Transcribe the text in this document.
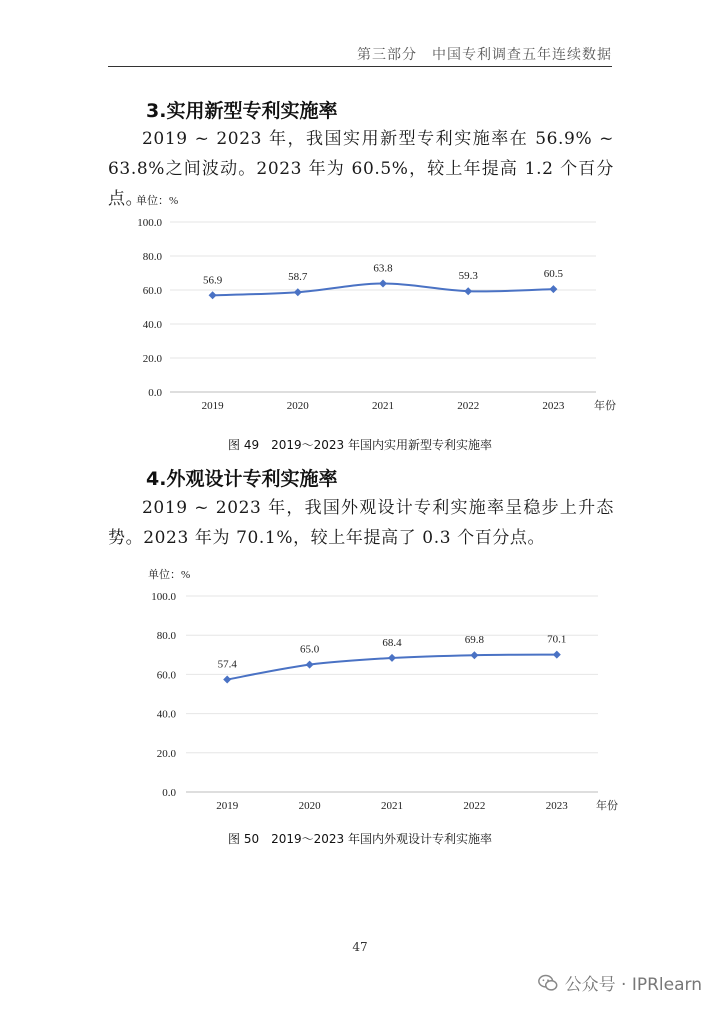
第三部分　中国专利调查五年连续数据
3.实用新型专利实施率
2019 ~ 2023 年，我国实用新型专利实施率在 56.9% ~ 63.8%之间波动。2023 年为 60.5%，较上年提高 1.2 个百分点。
单位：%
0.0
20.0
40.0
60.0
80.0
100.0
2019	2020	2021	2022	2023	年份
56.9	58.7
63.8
59.3	60.5
图 49　2019～2023 年国内实用新型专利实施率
4.外观设计专利实施率
2019 ~ 2023 年，我国外观设计专利实施率呈稳步上升态势。2023 年为 70.1%，较上年提高了 0.3 个百分点。
单位：%
0.0
20.0
40.0
60.0
80.0
100.0
2019	2020	2021	2022	2023	年份
57.4
65.0
68.4	69.8	70.1
图 50　2019～2023 年国内外观设计专利实施率
47
公众号 · IPRlearn
